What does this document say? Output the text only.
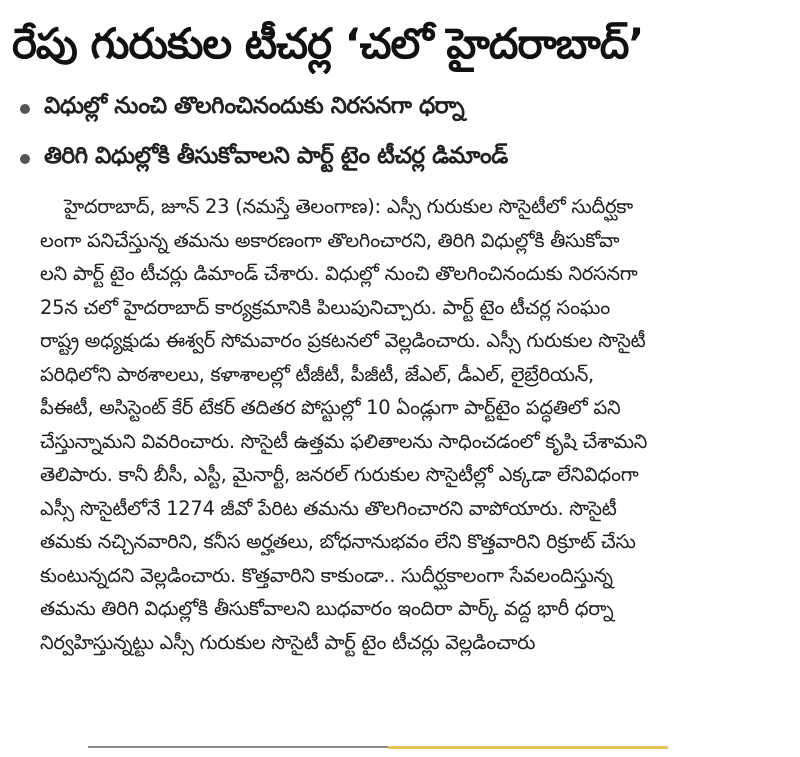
రేపు గురుకుల టీచర్ల ‘చలో హైదరాబాద్’
విధుల్లో నుంచి తొలగించినందుకు నిరసనగా ధర్నా
తిరిగి విధుల్లోకి తీసుకోవాలని పార్ట్ టైం టీచర్ల డిమాండ్
హైదరాబాద్, జూన్ 23 (నమస్తే తెలంగాణ): ఎస్సీ గురుకుల సొసైటీలో సుదీర్ఘకా
లంగా పనిచేస్తున్న తమను అకారణంగా తొలగించారని, తిరిగి విధుల్లోకి తీసుకోవా
లని పార్ట్ టైం టీచర్లు డిమాండ్ చేశారు. విధుల్లో నుంచి తొలగించినందుకు నిరసనగా
25న చలో హైదరాబాద్ కార్యక్రమానికి పిలుపునిచ్చారు. పార్ట్ టైం టీచర్ల సంఘం
రాష్ట్ర అధ్యక్షుడు ఈశ్వర్ సోమవారం ప్రకటనలో వెల్లడించారు. ఎస్సీ గురుకుల సొసైటీ
పరిధిలోని పాఠశాలలు, కళాశాలల్లో టీజీటీ, పీజీటీ, జేఎల్, డీఎల్, లైబ్రేరియన్,
పీఈటీ, అసిస్టెంట్ కేర్ టేకర్ తదితర పోస్టుల్లో 10 ఏండ్లుగా పార్ట్‌టైం పద్ధతిలో పని
చేస్తున్నామని వివరించారు. సొసైటీ ఉత్తమ ఫలితాలను సాధించడంలో కృషి చేశామని
తెలిపారు. కానీ బీసీ, ఎస్టీ, మైనార్టీ, జనరల్ గురుకుల సొసైటీల్లో ఎక్కడా లేనివిధంగా
ఎస్సీ సొసైటీలోనే 1274 జీవో పేరిట తమను తొలగించారని వాపోయారు. సొసైటీ
తమకు నచ్చినవారిని, కనీస అర్హతలు, బోధనానుభవం లేని కొత్తవారిని రిక్రూట్ చేసు
కుంటున్నదని వెల్లడించారు. కొత్తవారిని కాకుండా.. సుదీర్ఘకాలంగా సేవలందిస్తున్న
తమను తిరిగి విధుల్లోకి తీసుకోవాలని బుధవారం ఇందిరా పార్క్ వద్ద భారీ ధర్నా
నిర్వహిస్తున్నట్టు ఎస్సీ గురుకుల సొసైటీ పార్ట్ టైం టీచర్లు వెల్లడించారు
